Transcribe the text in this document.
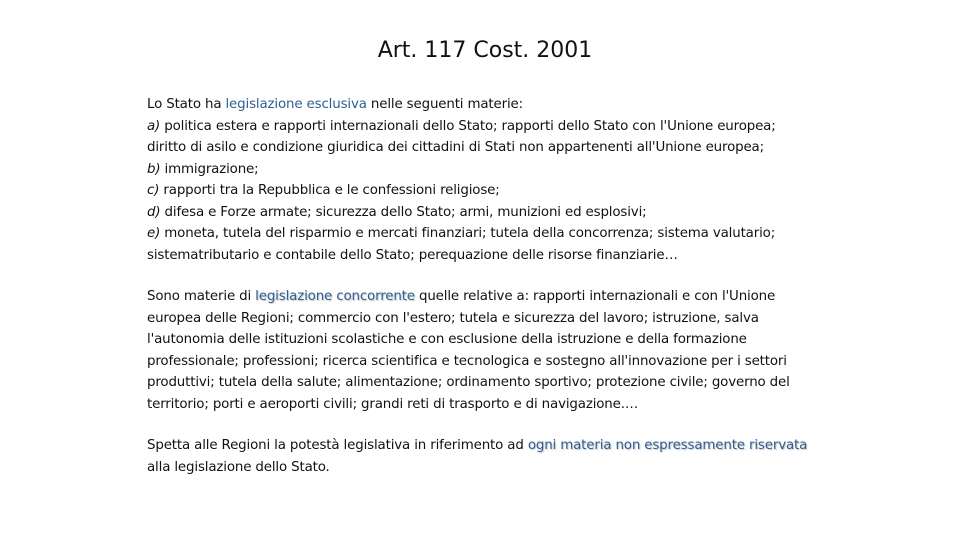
Art. 117 Cost. 2001

Lo Stato ha legislazione esclusiva nelle seguenti materie:

a) politica estera e rapporti internazionali dello Stato; rapporti dello Stato con l'Unione europea; diritto di asilo e condizione giuridica dei cittadini di Stati non appartenenti all'Unione europea;

b) immigrazione;

c) rapporti tra la Repubblica e le confessioni religiose;

d) difesa e Forze armate; sicurezza dello Stato; armi, munizioni ed esplosivi;

e) moneta, tutela del risparmio e mercati finanziari; tutela della concorrenza; sistema valutario; sistematributario e contabile dello Stato; perequazione delle risorse finanziarie…

Sono materie di legislazione concorrente quelle relative a: rapporti internazionali e con l'Unione europea delle Regioni; commercio con l'estero; tutela e sicurezza del lavoro; istruzione, salva l'autonomia delle istituzioni scolastiche e con esclusione della istruzione e della formazione professionale; professioni; ricerca scientifica e tecnologica e sostegno all'innovazione per i settori produttivi; tutela della salute; alimentazione; ordinamento sportivo; protezione civile; governo del territorio; porti e aeroporti civili; grandi reti di trasporto e di navigazione.…

Spetta alle Regioni la potestà legislativa in riferimento ad ogni materia non espressamente riservata alla legislazione dello Stato.
